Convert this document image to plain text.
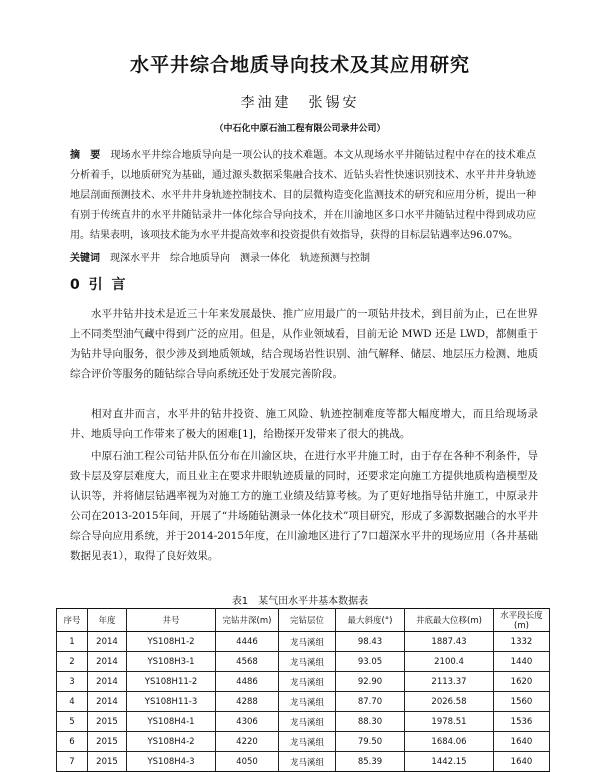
水平井综合地质导向技术及其应用研究
李油建　张锡安
（中石化中原石油工程有限公司录井公司）
摘　要　 现场水平井综合地质导向是一项公认的技术难题。本文从现场水平井随钻过程中存在的技术难点分析着手，以地质研究为基础，通过源头数据采集融合技术、近钻头岩性快速识别技术、水平井井身轨迹地层剖面预测技术、水平井井身轨迹控制技术、目的层微构造变化监测技术的研究和应用分析，提出一种有别于传统直井的水平井随钻录井一体化综合导向技术，并在川渝地区多口水平井随钻过程中得到成功应用。结果表明，该项技术能为水平井提高效率和投资提供有效指导，获得的目标层钻遇率达96.07%。
关键词　 现深水平井　综合地质导向　测录一体化　轨迹预测与控制
0 引 言

水平井钻井技术是近三十年来发展最快、推广应用最广的一项钻井技术，到目前为止，已在世界上不同类型油气藏中得到广泛的应用。但是，从作业领域看，目前无论 MWD 还是 LWD，都侧重于为钻井导向服务，很少涉及到地质领域，结合现场岩性识别、油气解释、储层、地层压力检测、地质综合评价等服务的随钻综合导向系统还处于发展完善阶段。

相对直井而言，水平井的钻井投资、施工风险、轨迹控制难度等都大幅度增大，而且给现场录井、地质导向工作带来了极大的困难[1]，给勘探开发带来了很大的挑战。

中原石油工程公司钻井队伍分布在川渝区块，在进行水平井施工时，由于存在各种不利条件，导致卡层及穿层难度大，而且业主在要求井眼轨迹质量的同时，还要求定向施工方提供地质构造模型及认识等，并将储层钻遇率视为对施工方的施工业绩及结算考核。为了更好地指导钻井施工，中原录井公司在2013-2015年间，开展了“井场随钻测录一体化技术”项目研究，形成了多源数据融合的水平井综合导向应用系统，并于2014-2015年度，在川渝地区进行了7口超深水平井的现场应用（各井基础数据见表1），取得了良好效果。

表1　某气田水平井基本数据表
序号	年度	井号	完钻井深(m)	完钻层位	最大斜度(°)	井底最大位移(m)	水平段长度(m)
1	2014	YS108H1-2	4446	龙马溪组	98.43	1887.43	1332
2	2014	YS108H3-1	4568	龙马溪组	93.05	2100.4	1440
3	2014	YS108H11-2	4486	龙马溪组	92.90	2113.37	1620
4	2014	YS108H11-3	4288	龙马溪组	87.70	2026.58	1560
5	2015	YS108H4-1	4306	龙马溪组	88.30	1978.51	1536
6	2015	YS108H4-2	4220	龙马溪组	79.50	1684.06	1640
7	2015	YS108H4-3	4050	龙马溪组	85.39	1442.15	1640
